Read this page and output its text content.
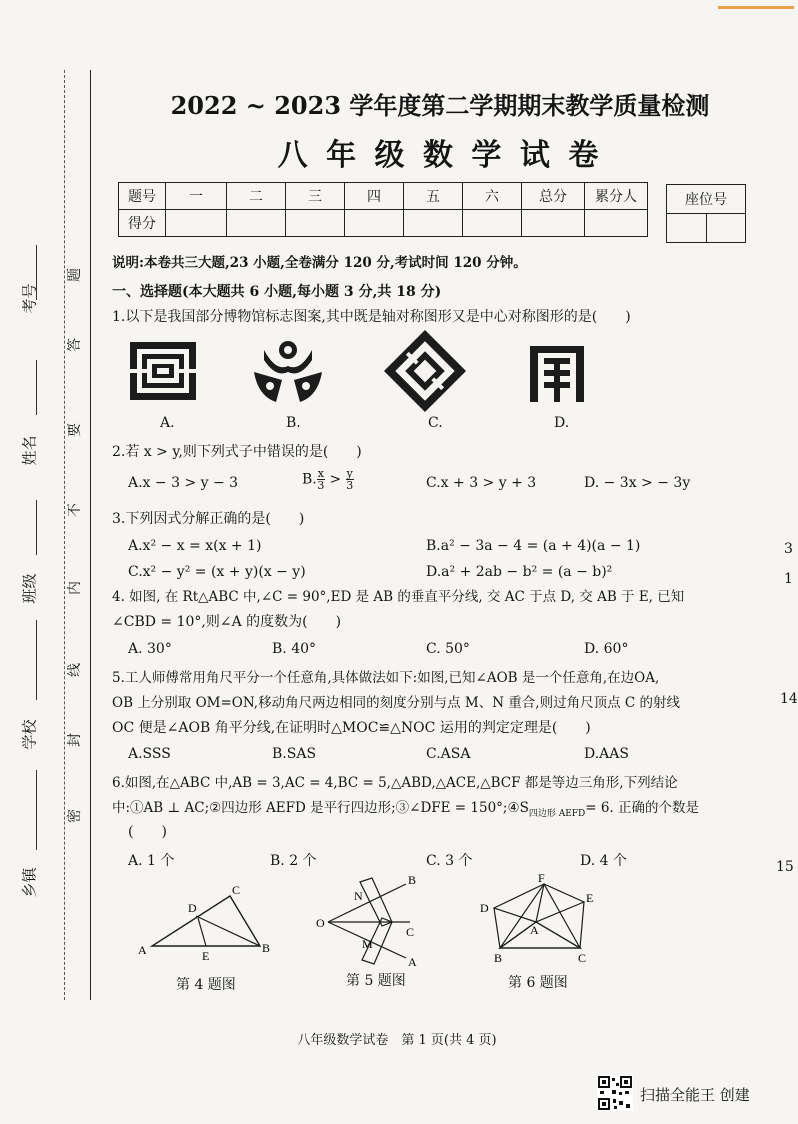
考号
姓名
班级
学校
乡镇
题
答
要
不
内
线
封
密
3
1
14
15
2022 ~ 2023 学年度第二学期期末教学质量检测
八 年 级 数 学 试 卷
题号	一	二	三	四	五	六	总分	累分人
得分								
座位号

说明:本卷共三大题,23 小题,全卷满分 120 分,考试时间 120 分钟。
一、选择题(本大题共 6 小题,每小题 3 分,共 18 分)
1.以下是我国部分博物馆标志图案,其中既是轴对称图形又是中心对称图形的是(　　)
A.	B.	C.	D.
2.若 x > y,则下列式子中错误的是(　　)
A.x − 3 > y − 3	B. $\frac{x}{3} > \frac{y}{3}$	C.x + 3 > y + 3	D. − 3x > − 3y
3.下列因式分解正确的是(　　)
A.x² − x = x(x + 1)	B.a² − 3a − 4 = (a + 4)(a − 1)
C.x² − y² = (x + y)(x − y)	D.a² + 2ab − b² = (a − b)²
4. 如图, 在 Rt△ABC 中,∠C = 90°,ED 是 AB 的垂直平分线, 交 AC 于点 D, 交 AB 于 E, 已知
∠CBD = 10°,则∠A 的度数为(　　)
A. 30°	B. 40°	C. 50°	D. 60°
5.工人师傅常用角尺平分一个任意角,具体做法如下:如图,已知∠AOB 是一个任意角,在边OA,
OB 上分别取 OM=ON,移动角尺两边相同的刻度分别与点 M、N 重合,则过角尺顶点 C 的射线
OC 便是∠AOB 角平分线,在证明时△MOC≌△NOC 运用的判定定理是(　　)
A.SSS	B.SAS	C.ASA	D.AAS
6.如图,在△ABC 中,AB = 3,AC = 4,BC = 5,△ABD,△ACE,△BCF 都是等边三角形,下列结论
中:①AB ⊥ AC;②四边形 AEFD 是平行四边形;③∠DFE = $150^\circ;④S_{四边形 AEFD}= 6$. 正确的个数是
(　　)
A. 1 个	B. 2 个	C. 3 个	D. 4 个
A	B
C
D
E
O
M
N
A
B
C
F
D
E
A
B	C
第 4 题图	第 5 题图	第 6 题图
八年级数学试卷　第 1 页(共 4 页)
扫描全能王 创建
